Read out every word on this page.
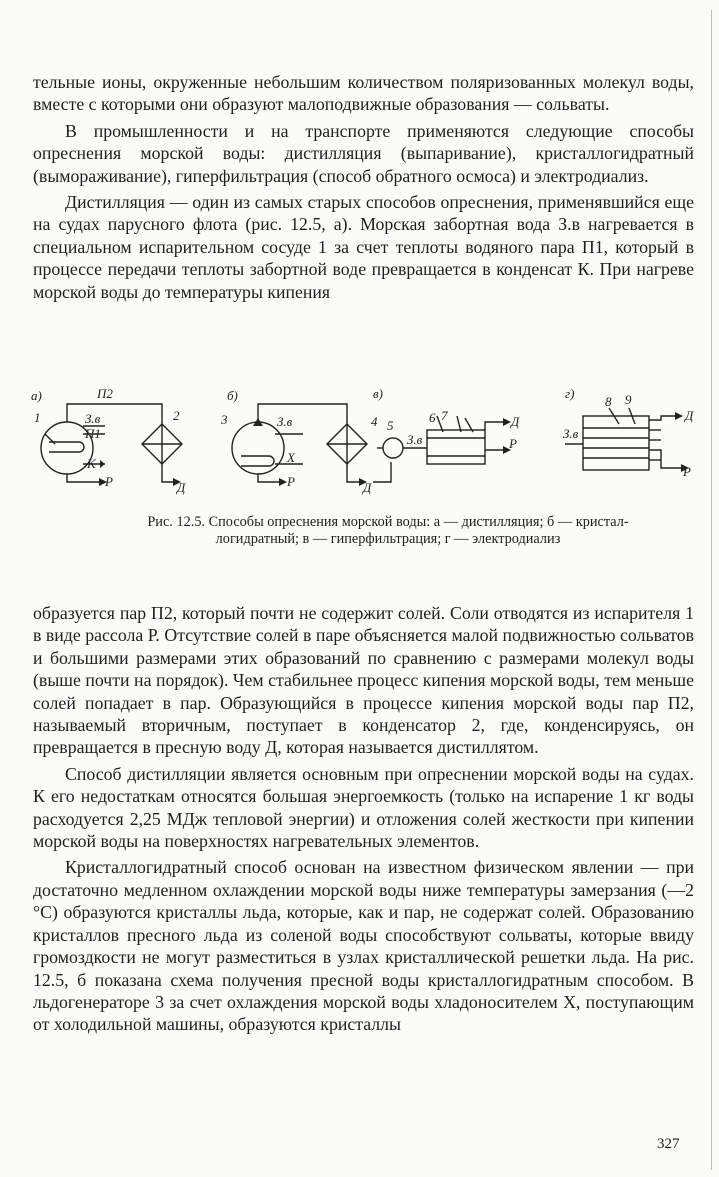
тельные ионы, окруженные небольшим количеством поляризованных молекул воды, вместе с которыми они образуют малоподвижные образования — сольваты.

В промышленности и на транспорте применяются следующие способы опреснения морской воды: дистилляция (выпаривание), кристаллогидратный (вымораживание), гиперфильтрация (способ обратного осмоса) и электродиализ.

Дистилляция — один из самых старых способов опреснения, применявшийся еще на судах парусного флота (рис. 12.5, а). Морская забортная вода З.в нагревается в специальном испарительном сосуде 1 за счет теплоты водяного пара П1, который в процессе передачи теплоты забортной воде превращается в конденсат К. При нагреве морской воды до температуры кипения

а)	П2
1	2
З.в
П1
К
Р	Д
б)
3	4
З.в
Х
Р	Д
в)
5
6 7
З.в
Д
Р
г)
8 9
З.в
Д
Р
Рис. 12.5. Способы опреснения морской воды: а — дистилляция; б — кристал-
логидратный; в — гиперфильтрация; г — электродиализ

образуется пар П2, который почти не содержит солей. Соли отводятся из испарителя 1 в виде рассола Р. Отсутствие солей в паре объясняется малой подвижностью сольватов и большими размерами этих образований по сравнению с размерами молекул воды (выше почти на порядок). Чем стабильнее процесс кипения морской воды, тем меньше солей попадает в пар. Образующийся в процессе кипения морской воды пар П2, называемый вторичным, поступает в конденсатор 2, где, конденсируясь, он превращается в пресную воду Д, которая называется дистиллятом.

Способ дистилляции является основным при опреснении морской воды на судах. К его недостаткам относятся большая энергоемкость (только на испарение 1 кг воды расходуется 2,25 МДж тепловой энергии) и отложения солей жесткости при кипении морской воды на поверхностях нагревательных элементов.

Кристаллогидратный способ основан на известном физическом явлении — при достаточно медленном охлаждении морской воды ниже температуры замерзания (—2 °С) образуются кристаллы льда, которые, как и пар, не содержат солей. Образованию кристаллов пресного льда из соленой воды способствуют сольваты, которые ввиду громоздкости не могут разместиться в узлах кристаллической решетки льда. На рис. 12.5, б показана схема получения пресной воды кристаллогидратным способом. В льдогенераторе 3 за счет охлаждения морской воды хладоносителем Х, поступающим от холодильной машины, образуются кристаллы

327
